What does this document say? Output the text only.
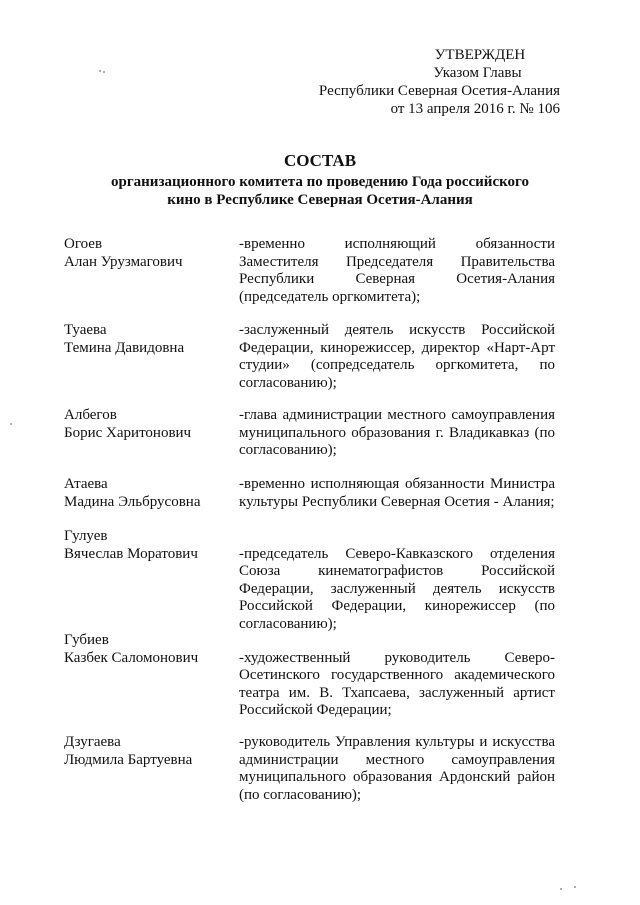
УТВЕРЖДЕН
Указом Главы
Республики Северная Осетия-Алания
от 13 апреля 2016 г. № 106
СОСТАВ
организационного комитета по проведению Года российского
кино в Республике Северная Осетия-Алания
Огоев
Алан Урузмагович
-временно исполняющий обязанности Заместителя Председателя Правительства Республики Северная Осетия-Алания (председатель оргкомитета);
Туаева
Темина Давидовна
-заслуженный деятель искусств Российской Федерации, кинорежиссер, директор «Нарт-Арт студии» (сопредседатель оргкомитета, по согласованию);
Албегов
Борис Харитонович
-глава администрации местного самоуправления муниципального образования г. Владикавказ (по согласованию);
Атаева
Мадина Эльбрусовна
-временно исполняющая обязанности Министра культуры Республики Северная Осетия - Алания;
Гулуев
Вячеслав Моратович	-председатель Северо-Кавказского отделения Союза кинематографистов Российской Федерации, заслуженный деятель искусств Российской Федерации, кинорежиссер (по согласованию);
Губиев
Казбек Саломонович	-художественный руководитель Северо-Осетинского государственного академического театра им. В. Тхапсаева, заслуженный артист Российской Федерации;
Дзугаева
Людмила Бартуевна
-руководитель Управления культуры и искусства администрации местного самоуправления муниципального образования Ардонский район (по согласованию);
